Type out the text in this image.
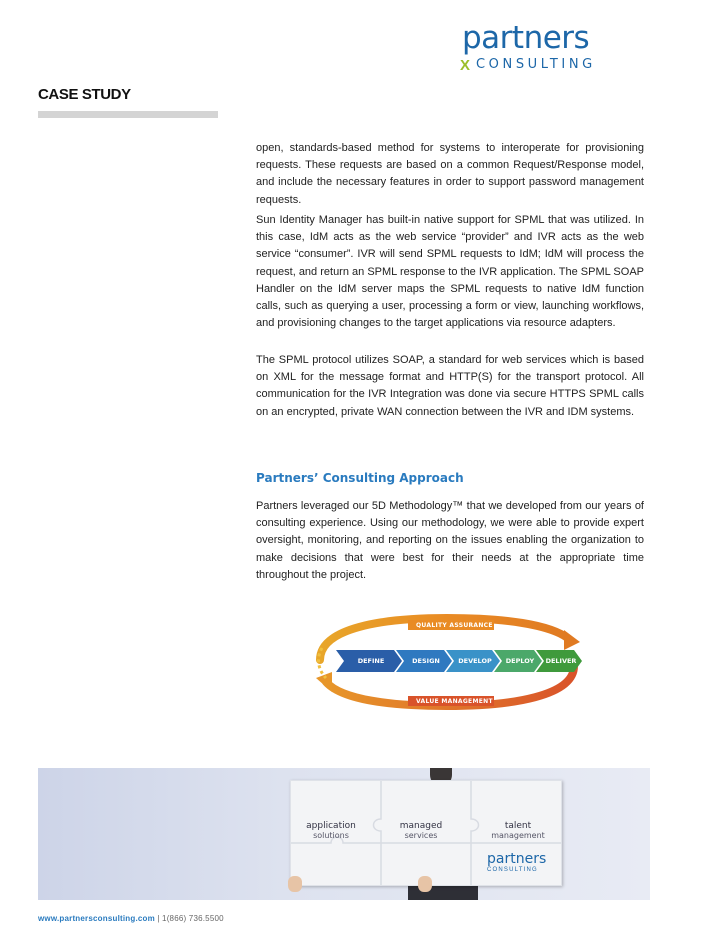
partners
X CONSULTING
CASE STUDY

open, standards-based method for systems to interoperate for provisioning requests. These requests are based on a common Request/Response model, and include the necessary features in order to support password management requests.

Sun Identity Manager has built-in native support for SPML that was utilized. In this case, IdM acts as the web service “provider” and IVR acts as the web service “consumer”. IVR will send SPML requests to IdM; IdM will process the request, and return an SPML response to the IVR application. The SPML SOAP Handler on the IdM server maps the SPML requests to native IdM function calls, such as querying a user, processing a form or view, launching workflows, and provisioning changes to the target applications via resource adapters.

The SPML protocol utilizes SOAP, a standard for web services which is based on XML for the message format and HTTP(S) for the transport protocol. All communication for the IVR Integration was done via secure HTTPS SPML calls on an encrypted, private WAN connection between the IVR and IDM systems.

Partners’ Consulting Approach

Partners leveraged our 5D Methodology™ that we developed from our years of consulting experience. Using our methodology, we were able to provide expert oversight, monitoring, and reporting on the issues enabling the organization to make decisions that were best for their needs at the appropriate time throughout the project.

QUALITY ASSURANCE
VALUE MANAGEMENT
DEFINE	DESIGN	DEVELOP	DEPLOY	DELIVER
application
solutions
managed
services
talent
management
partners
CONSULTING
www.partnersconsulting.com | 1(866) 736.5500
